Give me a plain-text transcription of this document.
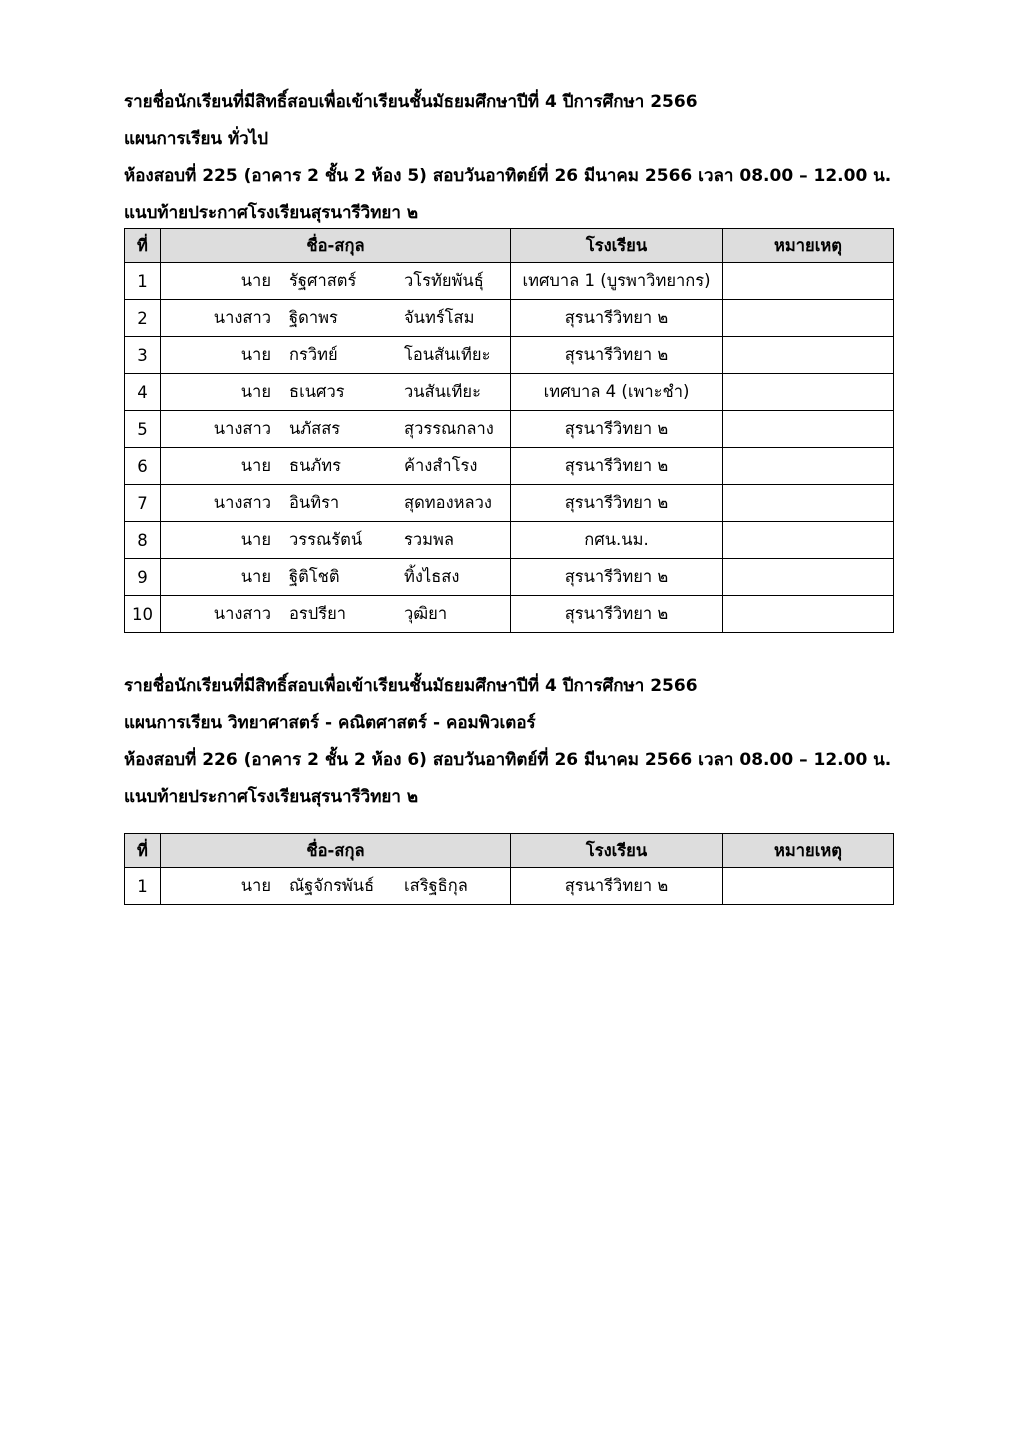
รายชื่อนักเรียนที่มีสิทธิ์สอบเพื่อเข้าเรียนชั้นมัธยมศึกษาปีที่ 4 ปีการศึกษา 2566
แผนการเรียน ทั่วไป
ห้องสอบที่ 225 (อาคาร 2 ชั้น 2 ห้อง 5) สอบวันอาทิตย์ที่ 26 มีนาคม 2566 เวลา 08.00 – 12.00 น.
แนบท้ายประกาศโรงเรียนสุรนารีวิทยา ๒
ที่	ชื่อ-สกุล	โรงเรียน	หมายเหตุ
1	นาย รัฐศาสตร์ วโรทัยพันธุ์	เทศบาล 1 (บูรพาวิทยากร)	
2	นางสาว ฐิดาพร จันทร์โสม	สุรนารีวิทยา ๒	
3	นาย กรวิทย์ โอนสันเทียะ	สุรนารีวิทยา ๒	
4	นาย ธเนศวร วนสันเทียะ	เทศบาล 4 (เพาะชำ)	
5	นางสาว นภัสสร สุวรรณกลาง	สุรนารีวิทยา ๒	
6	นาย ธนภัทร ค้างสำโรง	สุรนารีวิทยา ๒	
7	นางสาว อินทิรา สุดทองหลวง	สุรนารีวิทยา ๒	
8	นาย วรรณรัตน์ รวมพล	กศน.นม.	
9	นาย ฐิติโชติ ทิ้งไธสง	สุรนารีวิทยา ๒	
10	นางสาว อรปรียา วุฒิยา	สุรนารีวิทยา ๒	
รายชื่อนักเรียนที่มีสิทธิ์สอบเพื่อเข้าเรียนชั้นมัธยมศึกษาปีที่ 4 ปีการศึกษา 2566
แผนการเรียน วิทยาศาสตร์ - คณิตศาสตร์ - คอมพิวเตอร์
ห้องสอบที่ 226 (อาคาร 2 ชั้น 2 ห้อง 6) สอบวันอาทิตย์ที่ 26 มีนาคม 2566 เวลา 08.00 – 12.00 น.
แนบท้ายประกาศโรงเรียนสุรนารีวิทยา ๒
ที่	ชื่อ-สกุล	โรงเรียน	หมายเหตุ
1	นาย ณัฐจักรพันธ์ เสริฐธิกุล	สุรนารีวิทยา ๒	
